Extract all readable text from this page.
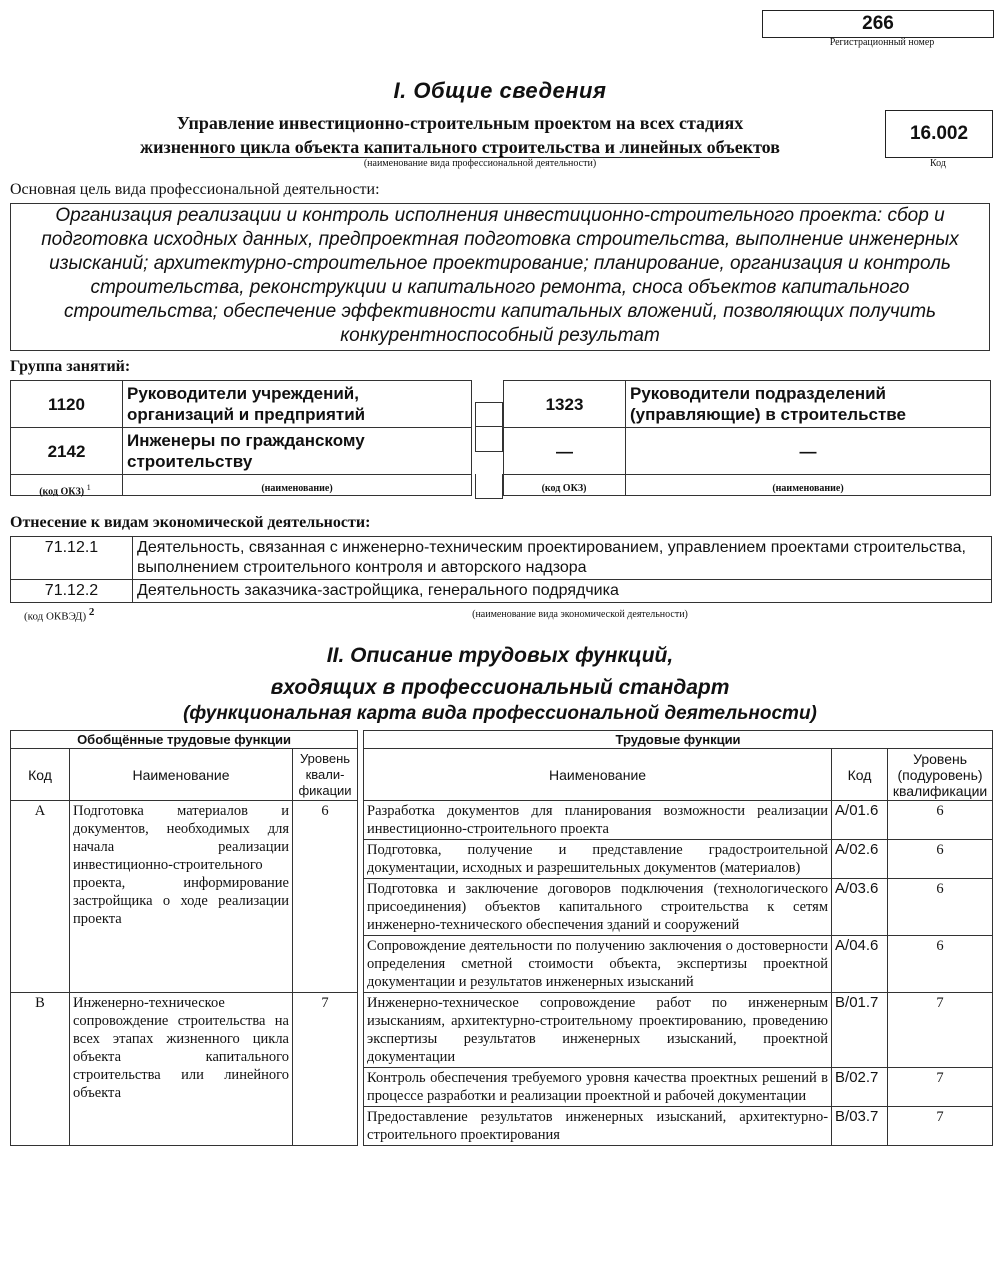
266
Регистрационный номер
I. Общие сведения
Управление инвестиционно-строительным проектом на всех стадиях
жизненного цикла объекта капитального строительства и линейных объектов
(наименование вида профессиональной деятельности)
16.002
Код
Основная цель вида профессиональной деятельности:
Организация реализации и контроль исполнения инвестиционно-строительного проекта: сбор и подготовка исходных данных, предпроектная подготовка строительства, выполнение инженерных изысканий; архитектурно-строительное проектирование; планирование, организация и контроль строительства, реконструкции и капитального ремонта, сноса объектов капитального строительства; обеспечение эффективности капитальных вложений, позволяющих получить конкурентноспособный результат
Группа занятий:
1120	Руководители учреждений, организаций и предприятий
2142	Инженеры по гражданскому строительству

1323	Руководители подразделений (управляющие) в строительстве
—	—

(код ОКЗ) $^1$	(наименование)	(код ОКЗ)	(наименование)
Отнесение к видам экономической деятельности:
71.12.1	Деятельность, связанная с инженерно-техническим проектированием, управлением проектами строительства, выполнением строительного контроля и авторского надзора
71.12.2	Деятельность заказчика-застройщика, генерального подрядчика
(код ОКВЭД) $^2$	(наименование вида экономической деятельности)
II. Описание трудовых функций,
входящих в профессиональный стандарт
(функциональная карта вида профессиональной деятельности)
Обобщённые трудовые функции				Трудовые функции		
Код	Наименование	Уровень квали-фикации		Наименование	Код	Уровень (подуровень) квалификации
А	Подготовка материалов и документов, необходимых для начала реализации инвестиционно-строительного проекта, информирование застройщика о ходе реализации проекта	6		Разработка документов для планирования возможности реализации инвестиционно-строительного проекта	A/01.6	6
				Подготовка, получение и представление градостроительной документации, исходных и разрешительных документов (материалов)	A/02.6	6
				Подготовка и заключение договоров подключения (технологического присоединения) объектов капитального строительства к сетям инженерно-технического обеспечения зданий и сооружений	A/03.6	6
				Сопровождение деятельности по получению заключения о достоверности определения сметной стоимости объекта, экспертизы проектной документации и результатов инженерных изысканий	A/04.6	6
В	Инженерно-техническое сопровождение строительства на всех этапах жизненного цикла объекта капитального строительства или линейного объекта	7		Инженерно-техническое сопровождение работ по инженерным изысканиям, архитектурно-строительному проектированию, проведению экспертизы результатов инженерных изысканий, проектной документации	B/01.7	7
				Контроль обеспечения требуемого уровня качества проектных решений в процессе разработки и реализации проектной и рабочей документации	B/02.7	7
				Предоставление результатов инженерных изысканий, архитектурно-строительного проектирования	B/03.7	7
